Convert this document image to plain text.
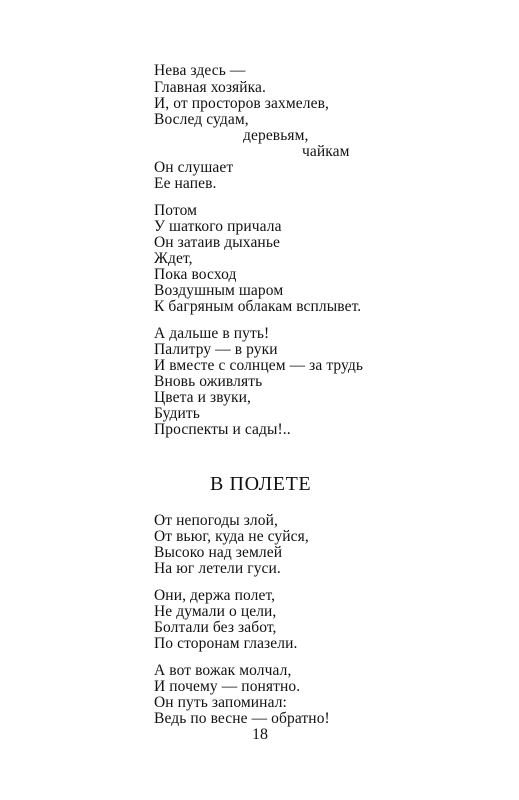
Нева здесь —
Главная хозяйка.
И, от просторов захмелев,
Вослед судам,
деревьям,
чайкам
Он слушает
Ее напев.
Потом
У шаткого причала
Он затаив дыханье
Ждет,
Пока восход
Воздушным шаром
К багряным облакам всплывет.
А дальше в путь!
Палитру — в руки
И вместе с солнцем — за трудь
Вновь оживлять
Цвета и звуки,
Будить
Проспекты и сады!..
В ПОЛЕТЕ
От непогоды злой,
От вьюг, куда не суйся,
Высоко над землей
На юг летели гуси.
Они, держа полет,
Не думали о цели,
Болтали без забот,
По сторонам глазели.
А вот вожак молчал,
И почему — понятно.
Он путь запоминал:
Ведь по весне — обратно!
18
